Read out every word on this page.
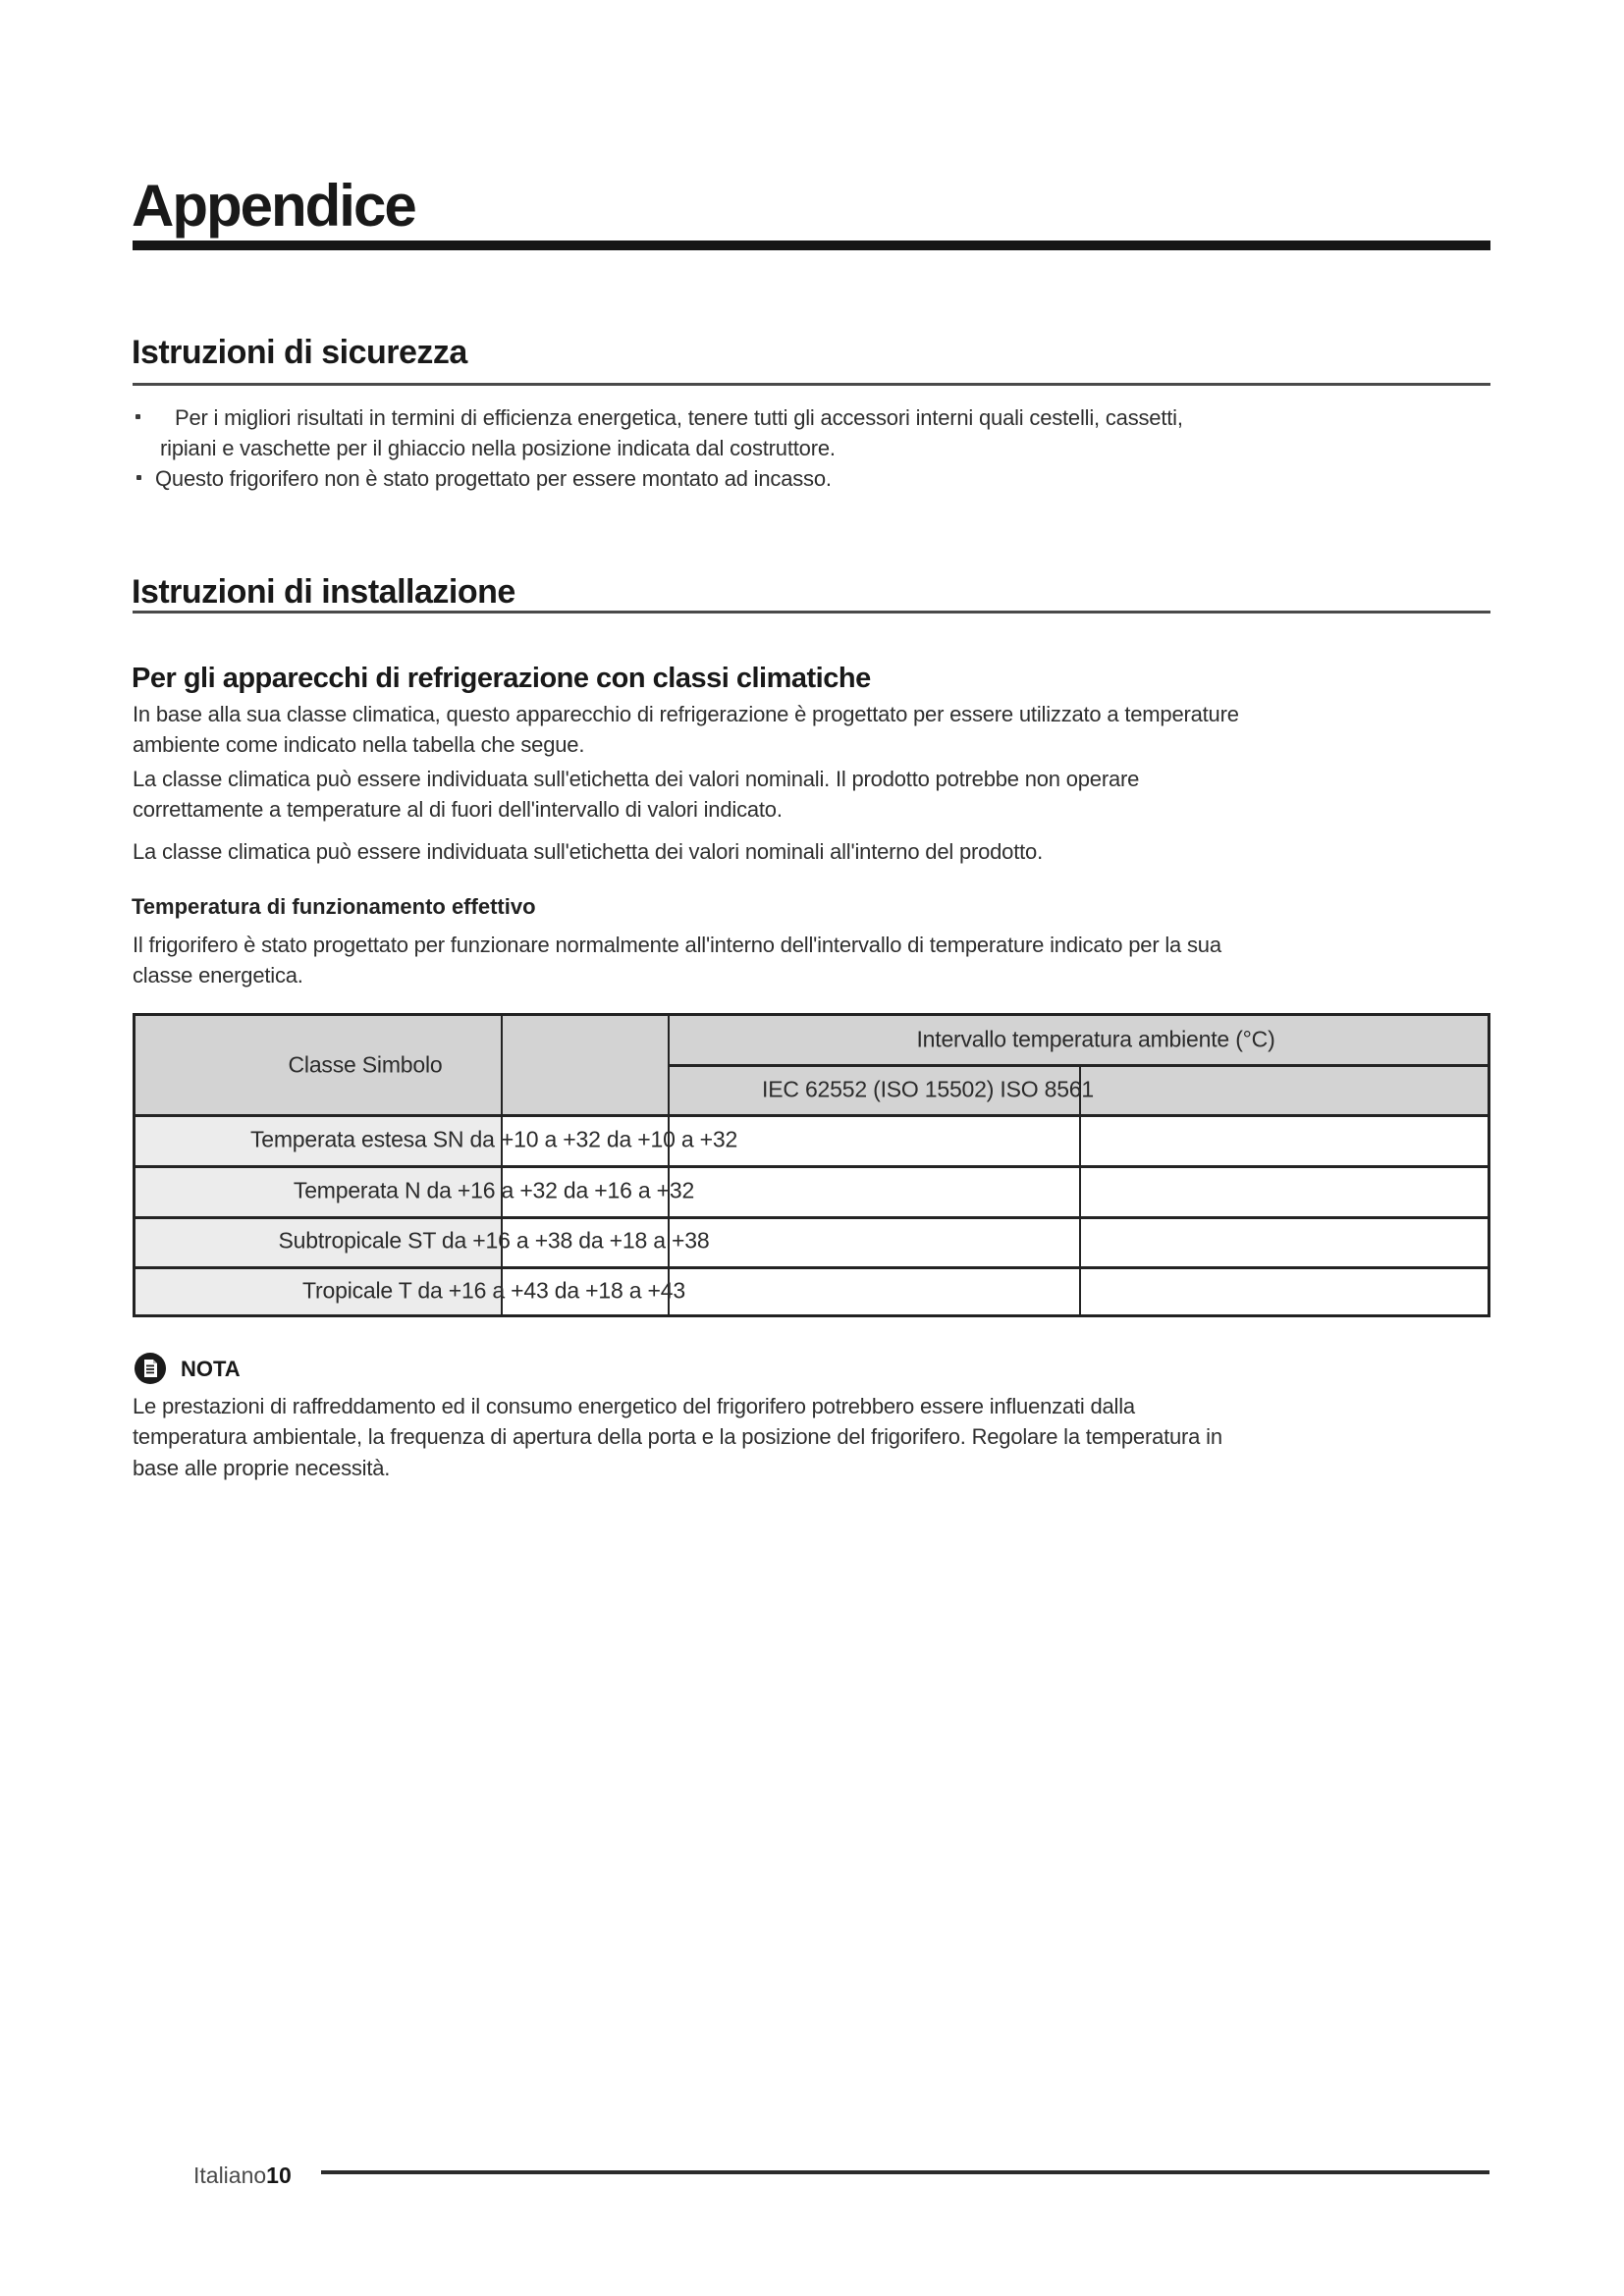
Appendice
Istruzioni di sicurezza
Per i migliori risultati in termini di efficienza energetica, tenere tutti gli accessori interni quali cestelli, cassetti,
ripiani e vaschette per il ghiaccio nella posizione indicata dal costruttore.
Questo frigorifero non è stato progettato per essere montato ad incasso.
Istruzioni di installazione
Per gli apparecchi di refrigerazione con classi climatiche
In base alla sua classe climatica, questo apparecchio di refrigerazione è progettato per essere utilizzato a temperature
ambiente come indicato nella tabella che segue.
La classe climatica può essere individuata sull'etichetta dei valori nominali. Il prodotto potrebbe non operare
correttamente a temperature al di fuori dell'intervallo di valori indicato.
La classe climatica può essere individuata sull'etichetta dei valori nominali all'interno del prodotto.
Temperatura di funzionamento effettivo
Il frigorifero è stato progettato per funzionare normalmente all'interno dell'intervallo di temperature indicato per la sua
classe energetica.
Classe Simbolo
Intervallo temperatura ambiente (°C)
IEC 62552 (ISO 15502) ISO 8561
Temperata estesa SN da +10 a +32 da +10 a +32
Temperata N da +16 a +32 da +16 a +32
Subtropicale ST da +16 a +38 da +18 a +38
Tropicale T da +16 a +43 da +18 a +43
NOTA
Le prestazioni di raffreddamento ed il consumo energetico del frigorifero potrebbero essere influenzati dalla
temperatura ambientale, la frequenza di apertura della porta e la posizione del frigorifero. Regolare la temperatura in
base alle proprie necessità.
Italiano10
